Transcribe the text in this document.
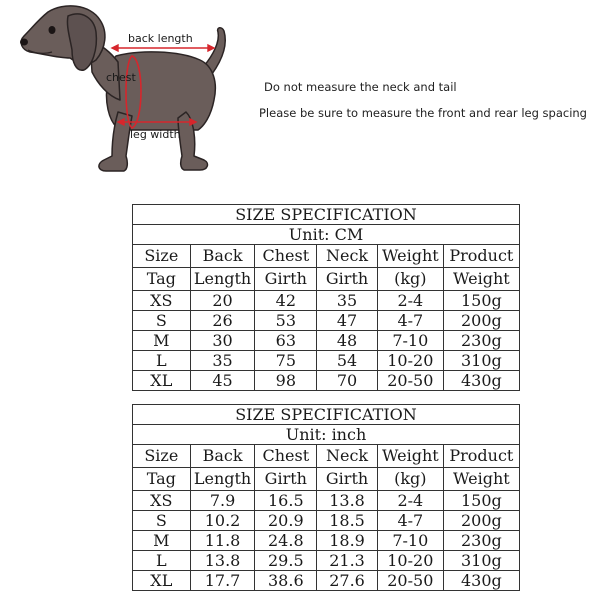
back length
chest
leg width
Do not measure the neck and tail
Please be sure to measure the front and rear leg spacing
SIZE SPECIFICATION					
Unit: CM					
Size	Back	Chest	Neck	Weight	Product
Tag	Length	Girth	Girth	(kg)	Weight
XS	20	42	35	2-4	150g
S	26	53	47	4-7	200g
M	30	63	48	7-10	230g
L	35	75	54	10-20	310g
XL	45	98	70	20-50	430g
SIZE SPECIFICATION					
Unit: inch					
Size	Back	Chest	Neck	Weight	Product
Tag	Length	Girth	Girth	(kg)	Weight
XS	7.9	16.5	13.8	2-4	150g
S	10.2	20.9	18.5	4-7	200g
M	11.8	24.8	18.9	7-10	230g
L	13.8	29.5	21.3	10-20	310g
XL	17.7	38.6	27.6	20-50	430g
